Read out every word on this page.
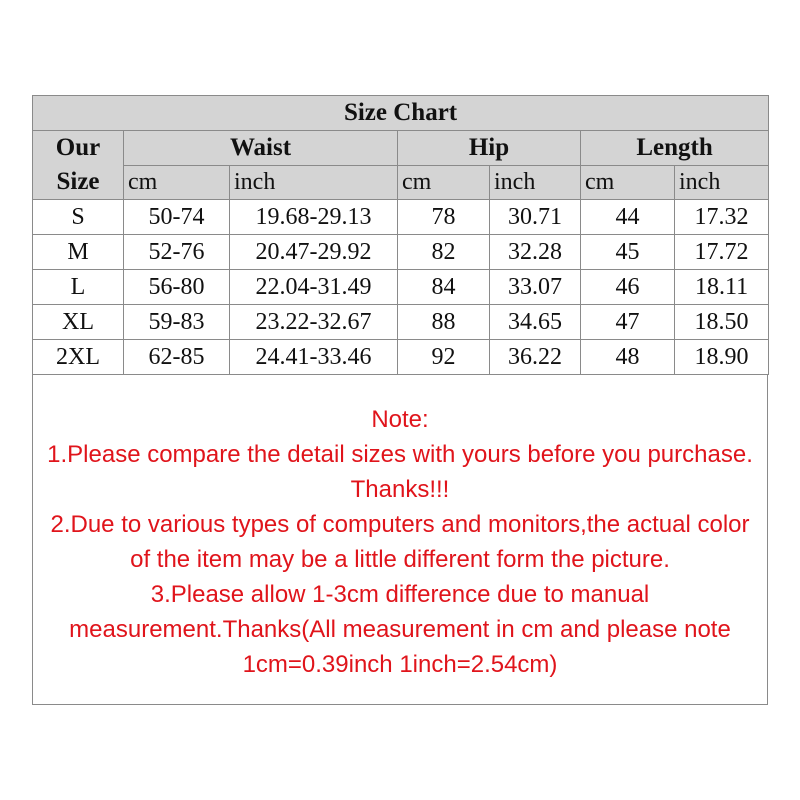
Size Chart						

Our
Size	Waist		Hip		Length	
	cm	inch	cm	inch	cm	inch
S	50-74	19.68-29.13	78	30.71	44	17.32
M	52-76	20.47-29.92	82	32.28	45	17.72
L	56-80	22.04-31.49	84	33.07	46	18.11
XL	59-83	23.22-32.67	88	34.65	47	18.50
2XL	62-85	24.41-33.46	92	36.22	48	18.90
Note:
1.Please compare the detail sizes with yours before you purchase.
Thanks!!!
2.Due to various types of computers and monitors,the actual color
of the item may be a little different form the picture.
3.Please allow 1-3cm difference due to manual
measurement.Thanks(All measurement in cm and please note
1cm=0.39inch 1inch=2.54cm)
